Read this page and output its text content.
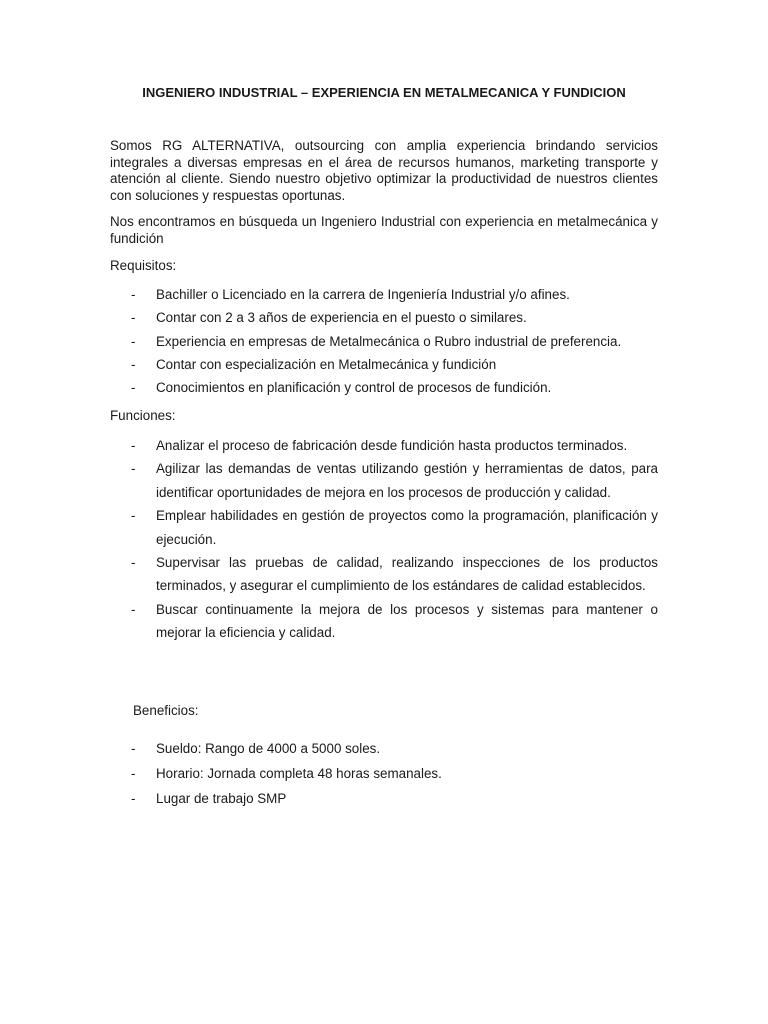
INGENIERO INDUSTRIAL – EXPERIENCIA EN METALMECANICA Y FUNDICION

Somos RG ALTERNATIVA, outsourcing con amplia experiencia brindando servicios integrales a diversas empresas en el área de recursos humanos, marketing transporte y atención al cliente. Siendo nuestro objetivo optimizar la productividad de nuestros clientes con soluciones y respuestas oportunas.

Nos encontramos en búsqueda un Ingeniero Industrial con experiencia en metalmecánica y fundición

Requisitos:

- Bachiller o Licenciado en la carrera de Ingeniería Industrial y/o afines.
- Contar con 2 a 3 años de experiencia en el puesto o similares.
- Experiencia en empresas de Metalmecánica o Rubro industrial de preferencia.
- Contar con especialización en Metalmecánica y fundición
- Conocimientos en planificación y control de procesos de fundición.

Funciones:

- Analizar el proceso de fabricación desde fundición hasta productos terminados.
- Agilizar las demandas de ventas utilizando gestión y herramientas de datos, para identificar oportunidades de mejora en los procesos de producción y calidad.
- Emplear habilidades en gestión de proyectos como la programación, planificación y ejecución.
- Supervisar las pruebas de calidad, realizando inspecciones de los productos terminados, y asegurar el cumplimiento de los estándares de calidad establecidos.
- Buscar continuamente la mejora de los procesos y sistemas para mantener o mejorar la eficiencia y calidad.

Beneficios:

- Sueldo: Rango de 4000 a 5000 soles.
- Horario: Jornada completa 48 horas semanales.
- Lugar de trabajo SMP
